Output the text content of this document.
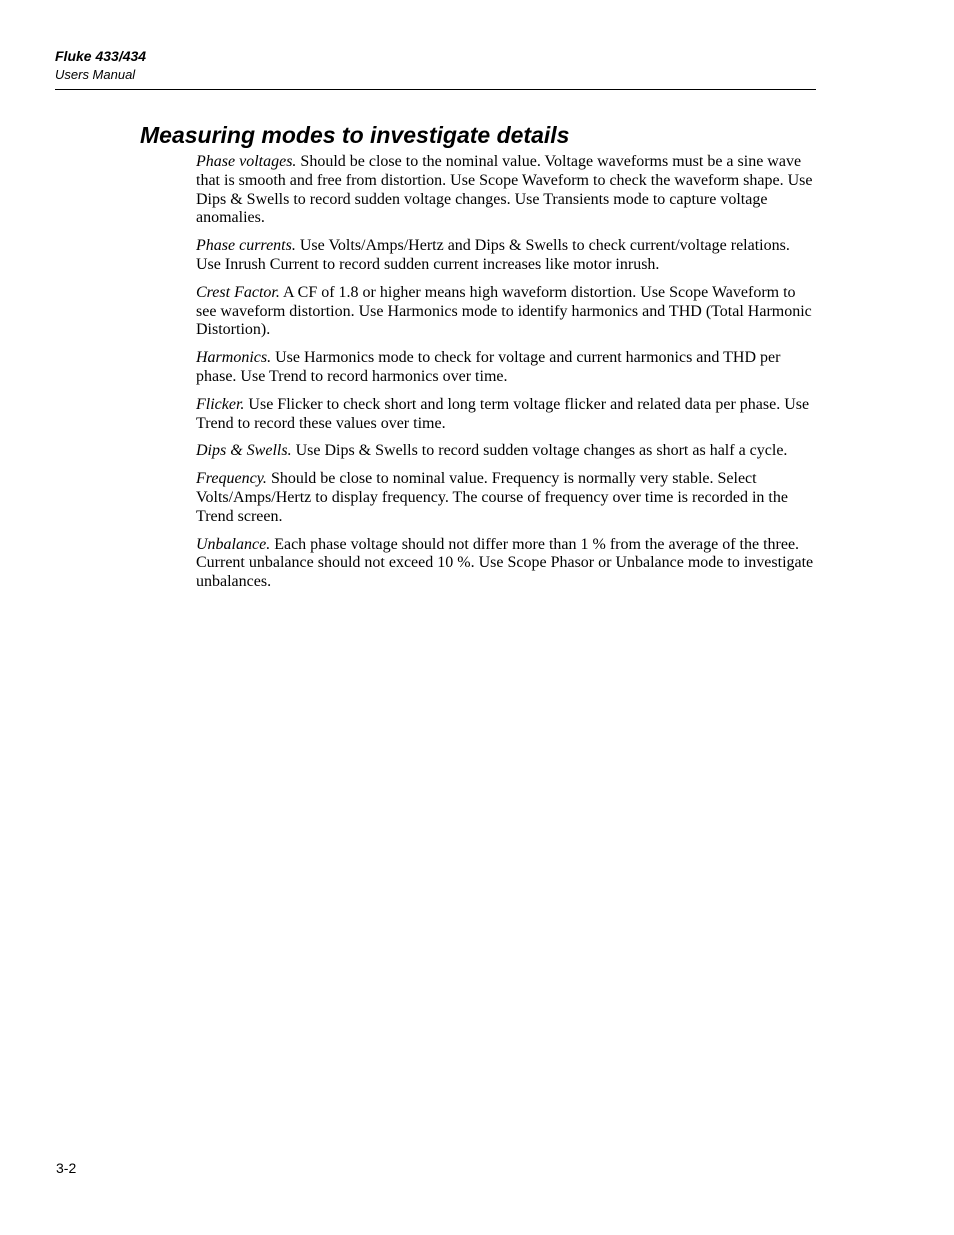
Fluke 433/434
Users Manual
Measuring modes to investigate details

Phase voltages. Should be close to the nominal value. Voltage waveforms must be a sine wave that is smooth and free from distortion. Use Scope Waveform to check the waveform shape. Use Dips & Swells to record sudden voltage changes. Use Transients mode to capture voltage anomalies.

Phase currents. Use Volts/Amps/Hertz and Dips & Swells to check current/voltage relations. Use Inrush Current to record sudden current increases like motor inrush.

Crest Factor. A CF of 1.8 or higher means high waveform distortion. Use Scope Waveform to see waveform distortion. Use Harmonics mode to identify harmonics and THD (Total Harmonic Distortion).

Harmonics. Use Harmonics mode to check for voltage and current harmonics and THD per phase. Use Trend to record harmonics over time.

Flicker. Use Flicker to check short and long term voltage flicker and related data per phase. Use Trend to record these values over time.

Dips & Swells. Use Dips & Swells to record sudden voltage changes as short as half a cycle.

Frequency. Should be close to nominal value. Frequency is normally very stable. Select Volts/Amps/Hertz to display frequency. The course of frequency over time is recorded in the Trend screen.

Unbalance. Each phase voltage should not differ more than 1 % from the average of the three. Current unbalance should not exceed 10 %. Use Scope Phasor or Unbalance mode to investigate unbalances.

3-2
